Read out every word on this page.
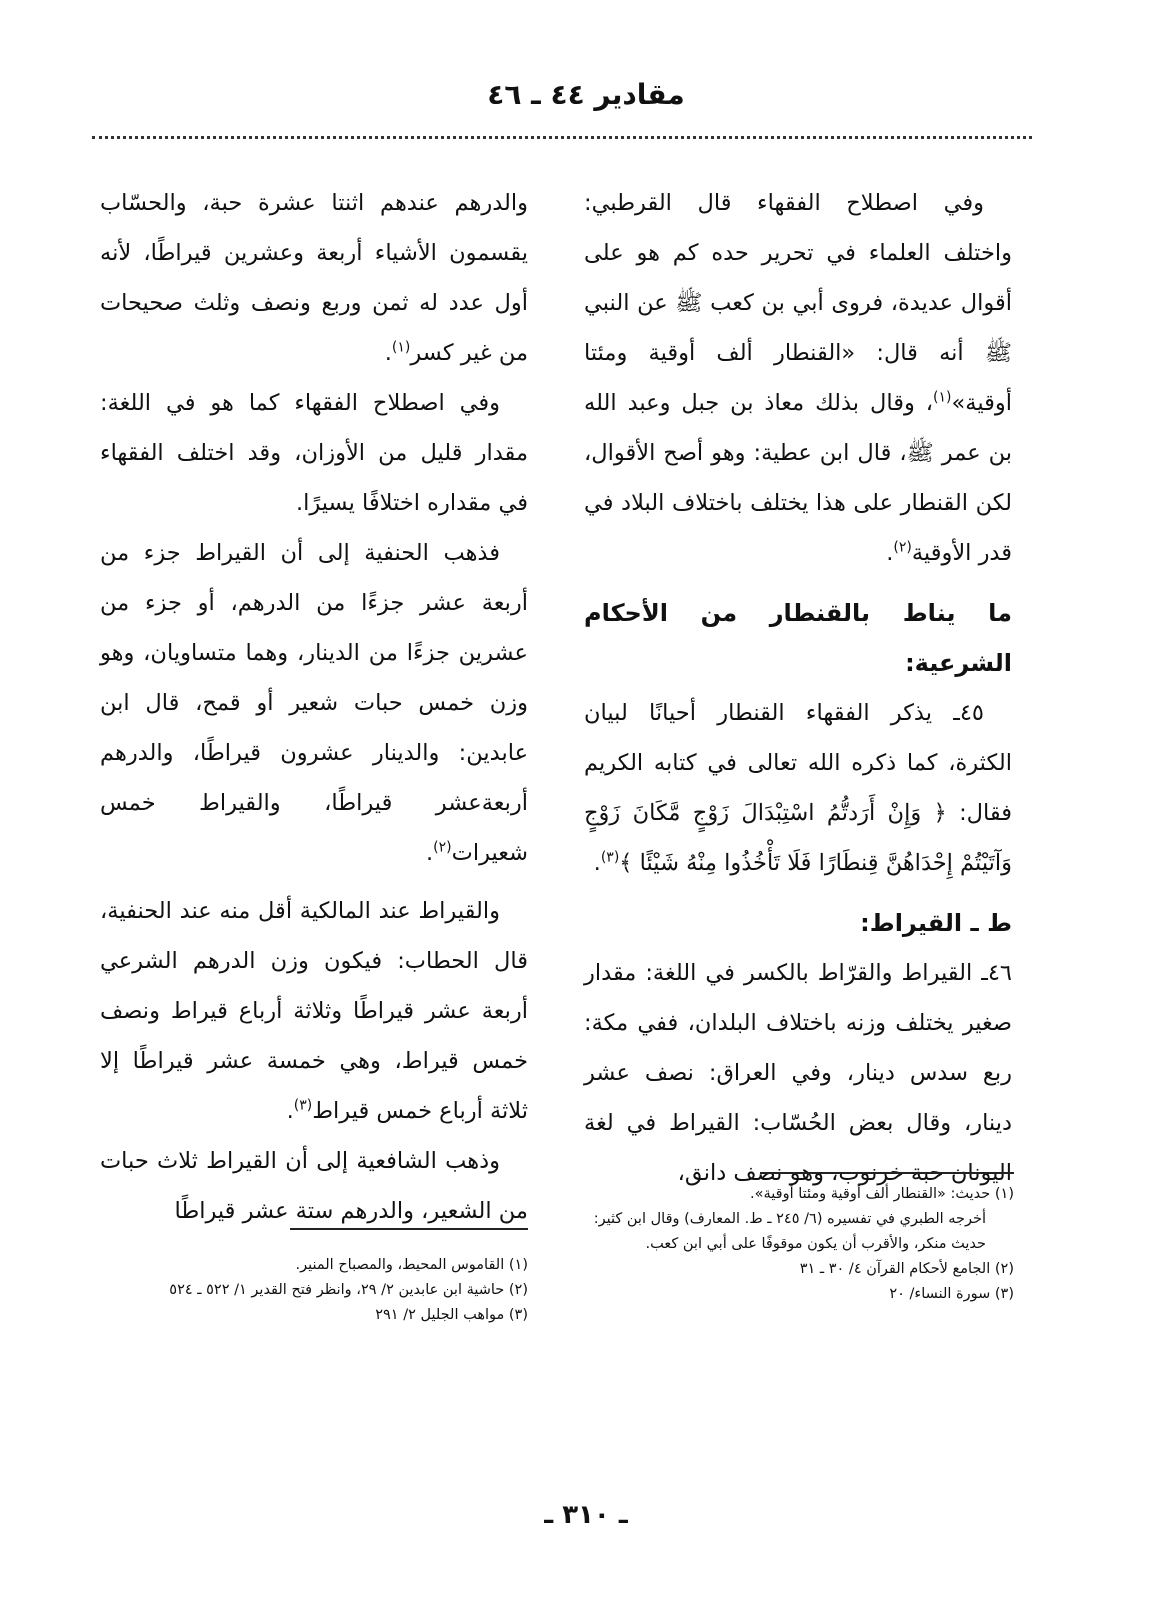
مقادير ٤٤ ـ ٤٦

وفي اصطلاح الفقهاء قال القرطبي: واختلف العلماء في تحرير حده كم هو على أقوال عديدة، فروى أبي بن كعب ﷺ عن النبي ﷺ أنه قال: «القنطار ألف أوقية ومئتا أوقية»$^{(١)}$، وقال بذلك معاذ بن جبل وعبد الله بن عمر ﷺ، قال ابن عطية: وهو أصح الأقوال، لكن القنطار على هذا يختلف باختلاف البلاد في قدر الأوقية$^{(٢)}$.

ما يناط بالقنطار من الأحكام الشرعية:

٤٥ـ يذكر الفقهاء القنطار أحيانًا لبيان الكثرة، كما ذكره الله تعالى في كتابه الكريم فقال: ﴿ وَإِنْ أَرَدتُّمُ اسْتِبْدَالَ زَوْجٍ مَّكَانَ زَوْجٍ وَآتَيْتُمْ إِحْدَاهُنَّ قِنطَارًا فَلَا تَأْخُذُوا مِنْهُ شَيْئًا ﴾$^{(٣)}$.

ط ـ القيراط:

٤٦ـ القيراط والقرّاط بالكسر في اللغة: مقدار صغير يختلف وزنه باختلاف البلدان، ففي مكة: ربع سدس دينار، وفي العراق: نصف عشر دينار، وقال بعض الحُسّاب: القيراط في لغة اليونان حبة خرنوب، وهو نصف دانق،

والدرهم عندهم اثنتا عشرة حبة، والحسّاب يقسمون الأشياء أربعة وعشرين قيراطًا، لأنه أول عدد له ثمن وربع ونصف وثلث صحيحات من غير كسر$^{(١)}$.

وفي اصطلاح الفقهاء كما هو في اللغة: مقدار قليل من الأوزان، وقد اختلف الفقهاء في مقداره اختلافًا يسيرًا.

فذهب الحنفية إلى أن القيراط جزء من أربعة عشر جزءًا من الدرهم، أو جزء من عشرين جزءًا من الدينار، وهما متساويان، وهو وزن خمس حبات شعير أو قمح، قال ابن عابدين: والدينار عشرون قيراطًا، والدرهم أربعةعشر قيراطًا، والقيراط خمس شعيرات$^{(٢)}$.

والقيراط عند المالكية أقل منه عند الحنفية، قال الحطاب: فيكون وزن الدرهم الشرعي أربعة عشر قيراطًا وثلاثة أرباع قيراط ونصف خمس قيراط، وهي خمسة عشر قيراطًا إلا ثلاثة أرباع خمس قيراط$^{(٣)}$.

وذهب الشافعية إلى أن القيراط ثلاث حبات من الشعير، والدرهم ستة عشر قيراطًا

(١) حديث: «القنطار ألف أوقية ومئتا أوقية».

أخرجه الطبري في تفسيره (٦/ ٢٤٥ ـ ط. المعارف) وقال ابن كثير: حديث منكر، والأقرب أن يكون موقوفًا على أبي ابن كعب.

(٢) الجامع لأحكام القرآن ٤/ ٣٠ ـ ٣١

(٣) سورة النساء/ ٢٠

(١) القاموس المحيط، والمصباح المنير.

(٢) حاشية ابن عابدين ٢/ ٢٩، وانظر فتح القدير ١/ ٥٢٢ ـ ٥٢٤

(٣) مواهب الجليل ٢/ ٢٩١

ـ ٣١٠ ـ
